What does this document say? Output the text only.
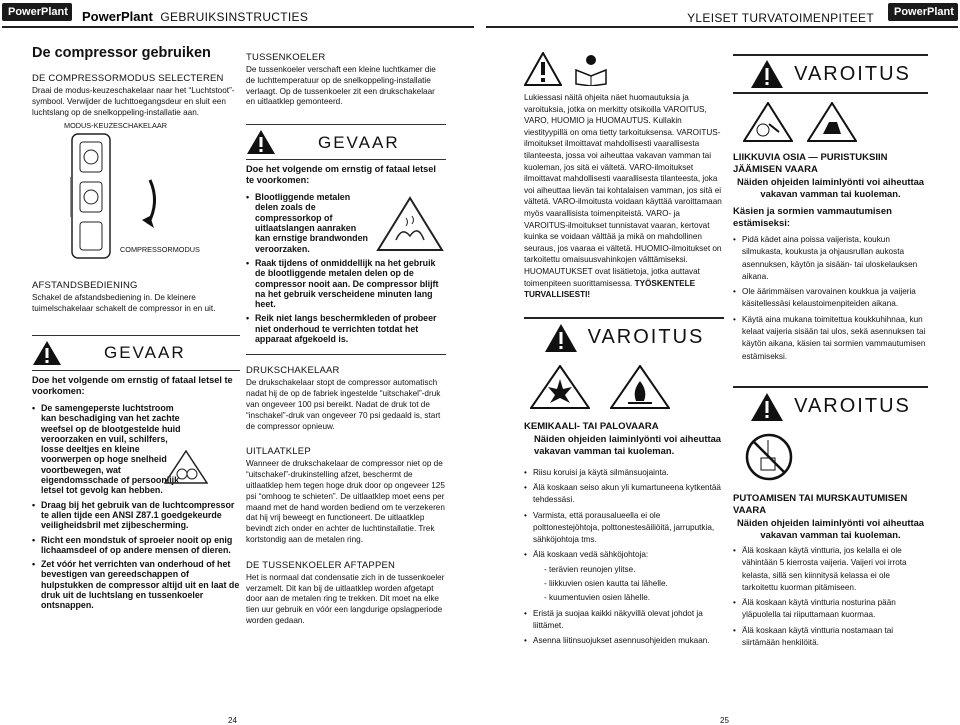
PowerPlant	PowerPlant GEBRUIKSINSTRUCTIES	YLEISET TURVATOIMENPITEET	PowerPlant
De compressor gebruiken
DE COMPRESSORMODUS SELECTEREN

Draai de modus-keuzeschakelaar naar het “Luchtstoot”-symbool. Verwijder de luchttoegangsdeur en sluit een luchtslang op de snelkoppeling-installatie aan.

MODUS-KEUZESCHAKELAAR
COMPRESSORMODUS
AFSTANDSBEDIENING

Schakel de afstandsbediening in. De kleinere tuimelschakelaar schakelt de compressor in en uit.

GEVAAR
Doe het volgende om ernstig of fataal letsel te voorkomen:
• De samengeperste luchtstroom kan beschadiging van het zachte weefsel op de blootgestelde huid veroorzaken en vuil, schilfers, losse deeltjes en kleine voorwerpen op hoge snelheid voortbewegen, wat eigendomsschade of persoonlijk letsel tot gevolg kan hebben.
• Draag bij het gebruik van de luchtcompressor te allen tijde een ANSI Z87.1 goedgekeurde veiligheidsbril met zijbescherming.
• Richt een mondstuk of sproeier nooit op enig lichaamsdeel of op andere mensen of dieren.
• Zet vóór het verrichten van onderhoud of het bevestigen van gereedschappen of hulpstukken de compressor altijd uit en laat de druk uit de luchtslang en tussenkoeler ontsnappen.
TUSSENKOELER

De tussenkoeler verschaft een kleine luchtkamer die de luchttemperatuur op de snelkoppeling-installatie verlaagt. Op de tussenkoeler zit een drukschakelaar en uitlaatklep gemonteerd.

GEVAAR
Doe het volgende om ernstig of fataal letsel te voorkomen:
• Blootliggende metalen delen zoals de compressorkop of uitlaatslangen aanraken kan ernstige brandwonden veroorzaken.
• Raak tijdens of onmiddellijk na het gebruik de blootliggende metalen delen op de compressor nooit aan. De compressor blijft na het gebruik verscheidene minuten lang heet.
• Reik niet langs beschermkleden of probeer niet onderhoud te verrichten totdat het apparaat afgekoeld is.
DRUKSCHAKELAAR

De drukschakelaar stopt de compressor automatisch nadat hij de op de fabriek ingestelde “uitschakel”-druk van ongeveer 100 psi bereikt. Nadat de druk tot de “inschakel”-druk van ongeveer 70 psi gedaald is, start de compressor opnieuw.

UITLAATKLEP

Wanneer de drukschakelaar de compressor niet op de “uitschakel”-drukinstelling afzet, beschermt de uitlaatklep hem tegen hoge druk door op ongeveer 125 psi “omhoog te schieten”. De uitlaatklep moet eens per maand met de hand worden bediend om te verzekeren dat hij vrij beweegt en functioneert. De uitlaatklep bevindt zich onder en achter de luchtinstallatie. Trek kortstondig aan de metalen ring.

DE TUSSENKOELER AFTAPPEN

Het is normaal dat condensatie zich in de tussenkoeler verzamelt. Dit kan bij de uitlaatklep worden afgetapt door aan de metalen ring te trekken. Dit moet na elke tien uur gebruik en vóór een langdurige opslagperiode worden gedaan.

Lukiessasi näitä ohjeita näet huomautuksia ja varoituksia, jotka on merkitty otsikoilla VAROITUS, VARO, HUOMIO ja HUOMAUTUS. Kullakin viestityypillä on oma tietty tarkoituksensa. VAROITUS-ilmoitukset ilmoittavat mahdollisesti vaarallisesta tilanteesta, jossa voi aiheuttaa vakavan vamman tai kuoleman, jos sitä ei vältetä. VARO-ilmoitukset ilmoittavat mahdollisesti vaarallisesta tilanteesta, joka voi aiheuttaa lievän tai kohtalaisen vamman, jos sitä ei vältetä. VARO-ilmoitusta voidaan käyttää varoittamaan myös vaarallisista toimenpiteistä. VARO- ja VAROITUS-ilmoitukset tunnistavat vaaran, kertovat kuinka se voidaan välttää ja mikä on mahdollinen seuraus, jos vaaraa ei vältetä. HUOMIO-ilmoitukset on tarkoitettu omaisuusvahinkojen välttämiseksi. HUOMAUTUKSET ovat lisätietoja, jotka auttavat toimenpiteen suorittamisessa. TYÖSKENTELE TURVALLISESTI!

VAROITUS
KEMIKAALI- TAI PALOVAARA
Näiden ohjeiden laiminlyönti voi aiheuttaa vakavan vamman tai kuoleman.
• Riisu koruisi ja käytä silmänsuojainta.
• Älä koskaan seiso akun yli kumartuneena kytkentää tehdessäsi.
• Varmista, että porausalueella ei ole polttonestejöhtoja, polttonestesäiliöitä, jarruputkia, sähköjohtoja tms.
• Älä koskaan vedä sähköjohtoja:
- terävien reunojen ylitse.
- liikkuvien osien kautta tai lähelle.
- kuumentuvien osien lähelle.
• Eristä ja suojaa kaikki näkyvillä olevat johdot ja liittämet.
• Asenna liitinsuojukset asennusohjeiden mukaan.
VAROITUS
LIIKKUVIA OSIA — PURISTUKSIIN JÄÄMISEN VAARA
Näiden ohjeiden laiminlyönti voi aiheuttaa vakavan vamman tai kuoleman.
Käsien ja sormien vammautumisen estämiseksi:
• Pidä kädet aina poissa vaijerista, koukun silmukasta, koukusta ja ohjausrullan aukosta asennuksen, käytön ja sisään- tai uloskelauksen aikana.
• Ole äärimmäisen varovainen koukkua ja vaijeria käsitellessäsi kelaustoimenpiteiden aikana.
• Käytä aina mukana toimitettua koukkuhihnaa, kun kelaat vaijeria sisään tai ulos, sekä asennuksen tai käytön aikana, käsien tai sormien vammautumisen estämiseksi.
VAROITUS
PUTOAMISEN TAI MURSKAUTUMISEN VAARA
Näiden ohjeiden laiminlyönti voi aiheuttaa vakavan vamman tai kuoleman.
• Älä koskaan käytä vintturia, jos kelalla ei ole vähintään 5 kierrosta vaijeria. Vaijeri voi irrota kelasta, sillä sen kiinnitysä kelassa ei ole tarkoitettu kuorman pitämiseen.
• Älä koskaan käytä vintturia nosturina pään yläpuolella tai riiputtamaan kuormaa.
• Älä koskaan käytä vintturia nostamaan tai siirtämään henkilöitä.
24	25
